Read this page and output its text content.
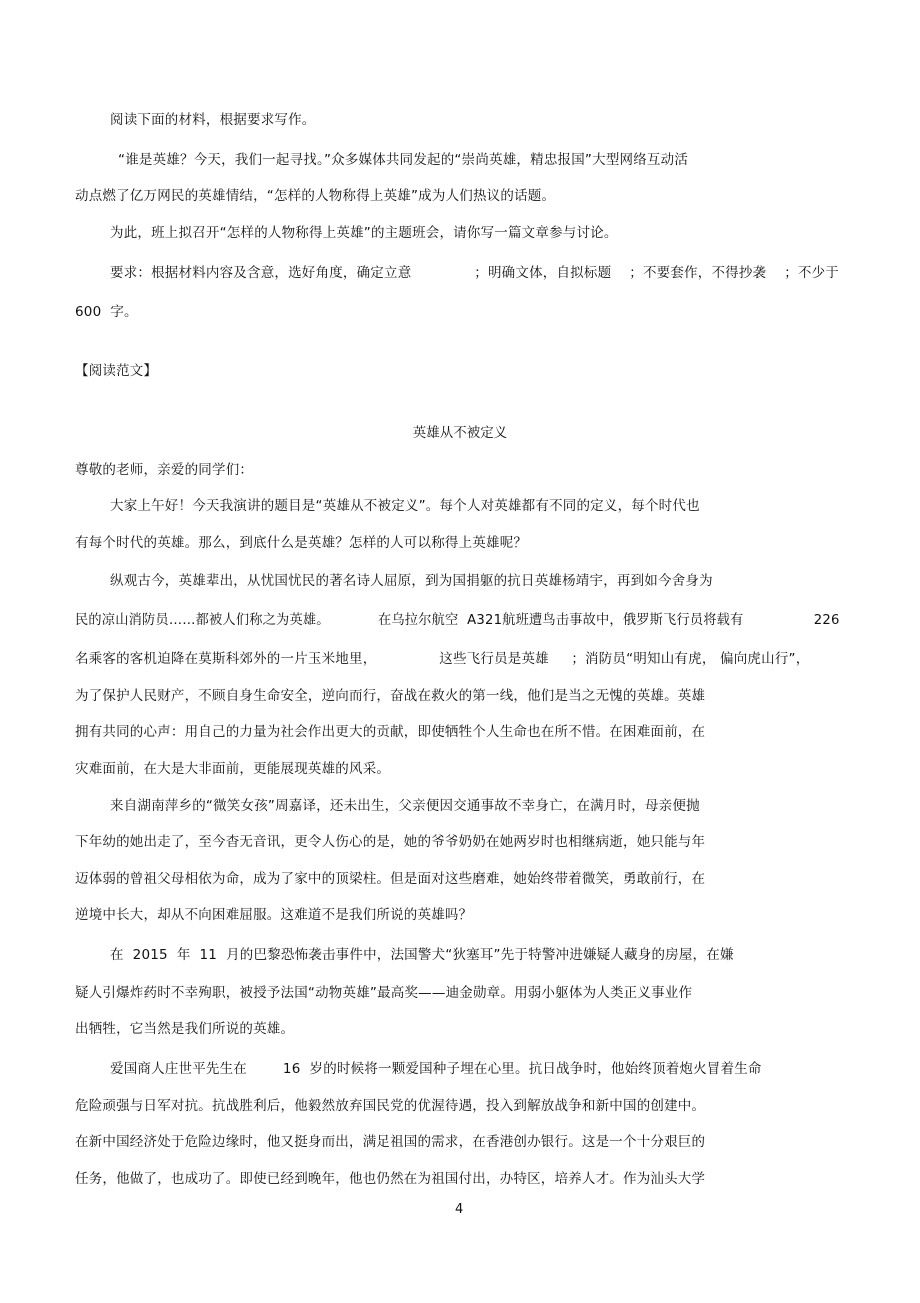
阅读下面的材料，根据要求写作。
“谁是英雄？今天，我们一起寻找。”众多媒体共同发起的“崇尚英雄，精忠报国”大型网络互动活
动点燃了亿万网民的英雄情结，“怎样的人物称得上英雄”成为人们热议的话题。
为此，班上拟召开“怎样的人物称得上英雄”的主题班会，请你写一篇文章参与讨论。
要求：根据材料内容及含意，选好角度，确定立意              ；明确文体，自拟标题    ；不要套作，不得抄袭    ；不少于
600  字。
【阅读范文】
英雄从不被定义
尊敬的老师，亲爱的同学们：
大家上午好！今天我演讲的题目是“英雄从不被定义”。每个人对英雄都有不同的定义，每个时代也
有每个时代的英雄。那么，到底什么是英雄？怎样的人可以称得上英雄呢？
纵观古今，英雄辈出，从忧国忧民的著名诗人屈原，到为国捐躯的抗日英雄杨靖宇，再到如今舍身为
民的凉山消防员……都被人们称之为英雄。           在乌拉尔航空  A321航班遭鸟击事故中，俄罗斯飞行员将载有                226
名乘客的客机迫降在莫斯科郊外的一片玉米地里，              这些飞行员是英雄     ；消防员“明知山有虎， 偏向虎山行”，
为了保护人民财产，不顾自身生命安全，逆向而行，奋战在救火的第一线，他们是当之无愧的英雄。英雄
拥有共同的心声：用自己的力量为社会作出更大的贡献，即使牺牲个人生命也在所不惜。在困难面前，在
灾难面前，在大是大非面前，更能展现英雄的风采。
来自湖南萍乡的“微笑女孩”周嘉译，还未出生，父亲便因交通事故不幸身亡，在满月时，母亲便抛
下年幼的她出走了，至今杳无音讯，更令人伤心的是，她的爷爷奶奶在她两岁时也相继病逝，她只能与年
迈体弱的曾祖父母相依为命，成为了家中的顶梁柱。但是面对这些磨难，她始终带着微笑，勇敢前行，在
逆境中长大，却从不向困难屈服。这难道不是我们所说的英雄吗？
在  2015  年  11  月的巴黎恐怖袭击事件中，法国警犬“狄塞耳”先于特警冲进嫌疑人藏身的房屋，在嫌
疑人引爆炸药时不幸殉职，被授予法国“动物英雄”最高奖——迪金勋章。用弱小躯体为人类正义事业作
出牺牲，它当然是我们所说的英雄。
爱国商人庄世平先生在        16  岁的时候将一颗爱国种子埋在心里。抗日战争时，他始终顶着炮火冒着生命
危险顽强与日军对抗。抗战胜利后，他毅然放弃国民党的优渥待遇，投入到解放战争和新中国的创建中。
在新中国经济处于危险边缘时，他又挺身而出，满足祖国的需求，在香港创办银行。这是一个十分艰巨的
任务，他做了，也成功了。即使已经到晚年，他也仍然在为祖国付出，办特区，培养人才。作为汕头大学
4
